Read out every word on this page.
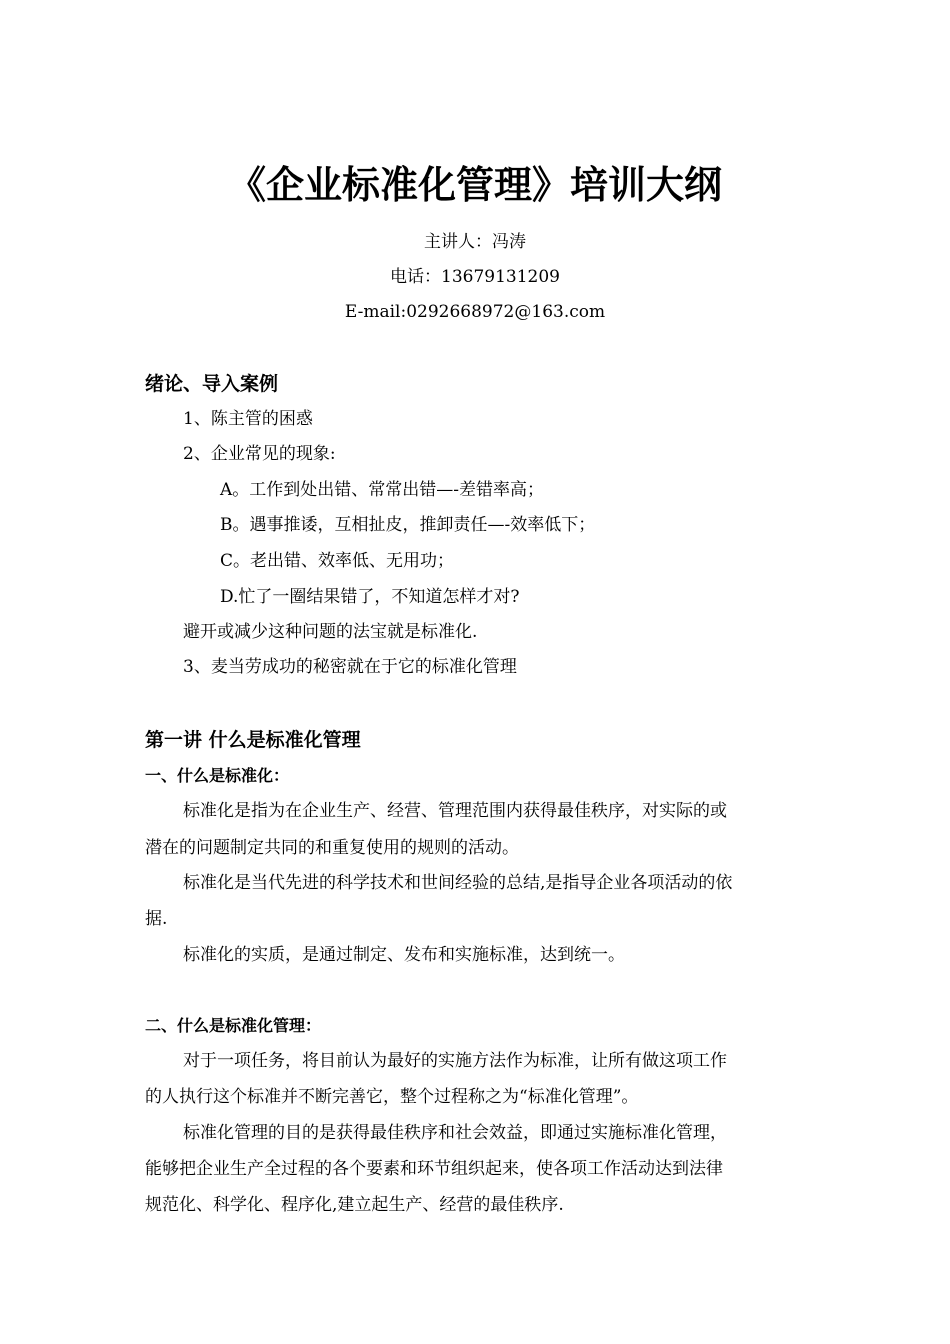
《企业标准化管理》培训大纲
主讲人：冯涛
电话：13679131209
E-mail:0292668972@163.com
绪论、导入案例
1、陈主管的困惑
2、企业常见的现象:
A。工作到处出错、常常出错—-差错率高；
B。遇事推诿，互相扯皮，推卸责任—-效率低下；
C。老出错、效率低、无用功；
D.忙了一圈结果错了，不知道怎样才对?
避开或减少这种问题的法宝就是标准化.
3、麦当劳成功的秘密就在于它的标准化管理
第一讲 什么是标准化管理
一、什么是标准化：
标准化是指为在企业生产、经营、管理范围内获得最佳秩序，对实际的或
潜在的问题制定共同的和重复使用的规则的活动。
标准化是当代先进的科学技术和世间经验的总结,是指导企业各项活动的依
据.
标准化的实质，是通过制定、发布和实施标准，达到统一。
二、什么是标准化管理：
对于一项任务，将目前认为最好的实施方法作为标准，让所有做这项工作
的人执行这个标准并不断完善它，整个过程称之为“标准化管理”。
标准化管理的目的是获得最佳秩序和社会效益，即通过实施标准化管理，
能够把企业生产全过程的各个要素和环节组织起来，使各项工作活动达到法律
规范化、科学化、程序化,建立起生产、经营的最佳秩序.
